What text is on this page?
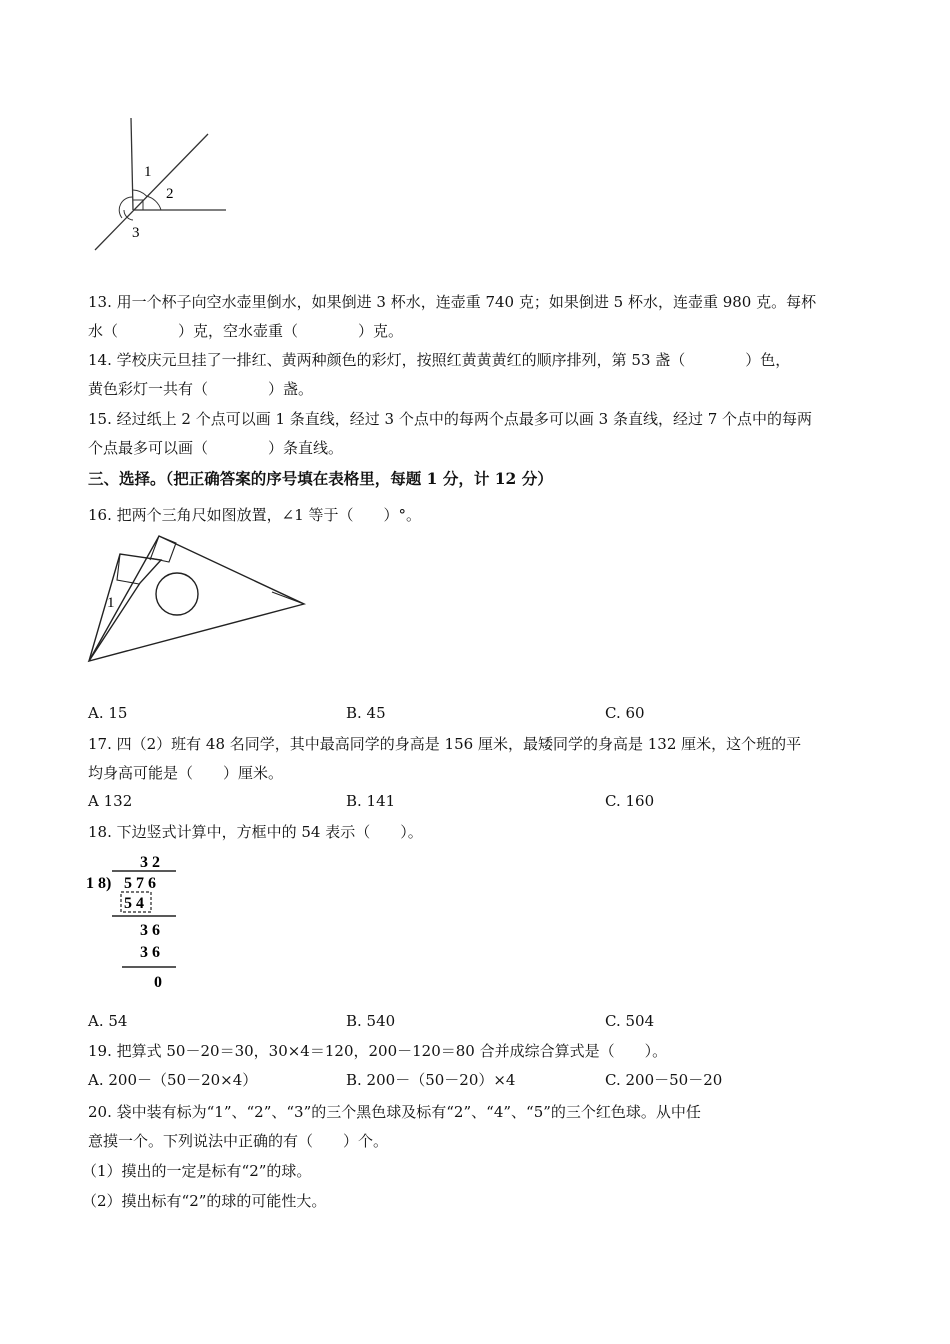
1
2
3
13. 用一个杯子向空水壶里倒水，如果倒进 3 杯水，连壶重 740 克；如果倒进 5 杯水，连壶重 980 克。每杯
水（　　　　）克，空水壶重（　　　　）克。
14. 学校庆元旦挂了一排红、黄两种颜色的彩灯，按照红黄黄黄红的顺序排列，第 53 盏（　　　　）色，
黄色彩灯一共有（　　　　）盏。
15. 经过纸上 2 个点可以画 1 条直线，经过 3 个点中的每两个点最多可以画 3 条直线，经过 7 个点中的每两
个点最多可以画（　　　　）条直线。
三、选择。（把正确答案的序号填在表格里，每题 1 分，计 12 分）
16. 把两个三角尺如图放置，∠1 等于（　　）°。
1
A. 15	B. 45	C. 60
17. 四（2）班有 48 名同学，其中最高同学的身高是 156 厘米，最矮同学的身高是 132 厘米，这个班的平
均身高可能是（　　）厘米。
A 132	B. 141	C. 160
18. 下边竖式计算中，方框中的 54 表示（　　）。
3 2
1 8) 5 7 6
5 4
3 6
3 6
0
A. 54	B. 540	C. 504
19. 把算式 50－20＝30，30×4＝120，200－120＝80 合并成综合算式是（　　）。
A. 200－（50－20×4）	B. 200－（50－20）×4	C. 200－50－20
20. 袋中装有标为“1”、“2”、“3”的三个黑色球及标有“2”、“4”、“5”的三个红色球。从中任
意摸一个。下列说法中正确的有（　　）个。
（1）摸出的一定是标有“2”的球。
（2）摸出标有“2”的球的可能性大。
